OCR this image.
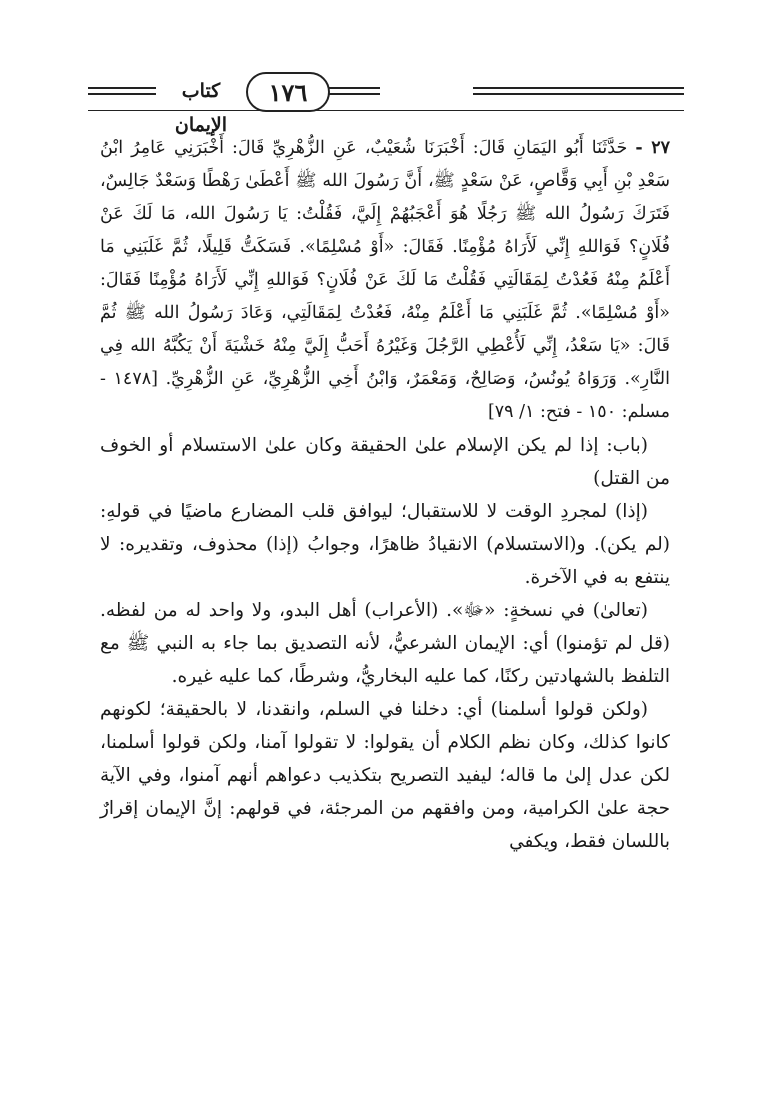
١٧٦
كتاب الإيمان

٢٧ - حَدَّثَنَا أَبُو اليَمَانِ قَالَ: أَخْبَرَنَا شُعَيْبٌ، عَنِ الزُّهْرِيِّ قَالَ: أَخْبَرَنِي عَامِرُ ابْنُ سَعْدِ بْنِ أَبِي وَقَّاصٍ، عَنْ سَعْدٍ ﷺ، أَنَّ رَسُولَ الله ﷺ أَعْطَىٰ رَهْطًا وَسَعْدٌ جَالِسٌ، فَتَرَكَ رَسُولُ الله ﷺ رَجُلًا هُوَ أَعْجَبُهُمْ إِلَيَّ، فَقُلْتُ: يَا رَسُولَ الله، مَا لَكَ عَنْ فُلَانٍ؟ فَوَاللهِ إِنِّي لَأَرَاهُ مُؤْمِنًا. فَقَالَ: «أَوْ مُسْلِمًا». فَسَكَتُّ قَلِيلًا، ثُمَّ غَلَبَنِي مَا أَعْلَمُ مِنْهُ فَعُدْتُ لِمَقَالَتِي فَقُلْتُ مَا لَكَ عَنْ فُلَانٍ؟ فَوَاللهِ إِنِّي لَأَرَاهُ مُؤْمِنًا فَقَالَ: «أَوْ مُسْلِمًا». ثُمَّ غَلَبَنِي مَا أَعْلَمُ مِنْهُ، فَعُدْتُ لِمَقَالَتِي، وَعَادَ رَسُولُ الله ﷺ ثُمَّ قَالَ: «يَا سَعْدُ، إِنِّي لَأُعْطِي الرَّجُلَ وَغَيْرُهُ أَحَبُّ إِلَيَّ مِنْهُ خَشْيَةَ أَنْ يَكُبَّهُ الله فِي النَّارِ». وَرَوَاهُ يُونُسُ، وَصَالِحٌ، وَمَعْمَرٌ، وَابْنُ أَخِي الزُّهْرِيِّ، عَنِ الزُّهْرِيِّ. [١٤٧٨ - مسلم: ١٥٠ - فتح: ١/ ٧٩]

(باب: إذا لم يكن الإسلام علىٰ الحقيقة وكان علىٰ الاستسلام أو الخوف من القتل)

(إذا) لمجردِ الوقت لا للاستقبال؛ ليوافق قلب المضارع ماضيًا في قولهِ: (لم يكن). و(الاستسلام) الانقيادُ ظاهرًا، وجوابُ (إذا) محذوف، وتقديره: لا ينتفع به في الآخرة.

(تعالىٰ) في نسخةٍ: «ﷻ». (الأعراب) أهل البدو، ولا واحد له من لفظه.(قل لم تؤمنوا) أي: الإيمان الشرعيُّ، لأنه التصديق بما جاء به النبي ﷺ مع التلفظ بالشهادتين ركنًا، كما عليه البخاريُّ، وشرطًا، كما عليه غيره.

(ولكن قولوا أسلمنا) أي: دخلنا في السلم، وانقدنا، لا بالحقيقة؛ لكونهم كانوا كذلك، وكان نظم الكلام أن يقولوا: لا تقولوا آمنا، ولكن قولوا أسلمنا، لكن عدل إلىٰ ما قاله؛ ليفيد التصريح بتكذيب دعواهم أنهم آمنوا، وفي الآية حجة علىٰ الكرامية، ومن وافقهم من المرجئة، في قولهم: إنَّ الإيمان إقرارٌ باللسان فقط، ويكفي
